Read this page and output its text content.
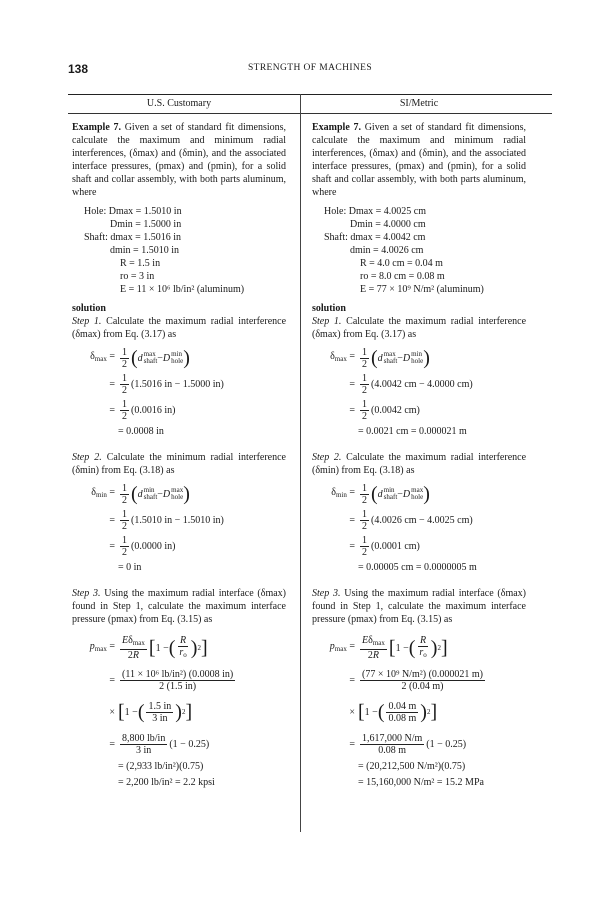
138	STRENGTH OF MACHINES
U.S. Customary	SI/Metric

Example 7. Given a set of standard fit dimensions, calculate the maximum and minimum radial interferences, (δmax) and (δmin), and the associated interface pressures, (pmax) and (pmin), for a solid shaft and collar assembly, with both parts aluminum, where

Hole: Dmax = 1.5010 in
Dmin = 1.5000 in
Shaft: dmax = 1.5016 in
dmin = 1.5010 in
R = 1.5 in
ro = 3 in
E = 11 × 10⁶ lb/in² (aluminum)
solution

Step 1. Calculate the maximum radial interference (δmax) from Eq. (3.17) as

$\delta_{max} = \frac{1}{2}$ ( d max
shaft − D min
hole )
= $\frac{1}{2} (1.5016$ in − 1.5000 in)
= $\frac{1}{2} (0.0016$ in)
= 0.0008 in

Step 2. Calculate the minimum radial interference (δmin) from Eq. (3.18) as

$\delta_{min} = \frac{1}{2}$ ( d min
shaft − D max
hole )
= $\frac{1}{2} (1.5010$ in − 1.5010 in)
= $\frac{1}{2} (0.0000$ in)
= 0 in

Step 3. Using the maximum radial interface (δmax) found in Step 1, calculate the maximum interface pressure (pmax) from Eq. (3.15) as

$p_{max} = \frac{E\delta_{max}}{2R}$ [ 1 − ( $\frac{R}{r_o}$ ) 2 ]
= $\frac{\text{(11 × 10⁶ lb/in²) (0.0008 in)}}{2 (1.5 in)}$
× [ 1 − ( $\frac{1.5 in}{3 in}$ ) 2 ]
= $\frac{8,800 lb/in}{3 in} (1 - 0.25)$
= (2,933 lb/in²)(0.75)
= 2,200 lb/in² = 2.2 kpsi

Example 7. Given a set of standard fit dimensions, calculate the maximum and minimum radial interferences, (δmax) and (δmin), and the associated interface pressures, (pmax) and (pmin), for a solid shaft and collar assembly, with both parts aluminum, where

Hole: Dmax = 4.0025 cm
Dmin = 4.0000 cm
Shaft: dmax = 4.0042 cm
dmin = 4.0026 cm
R = 4.0 cm = 0.04 m
ro = 8.0 cm = 0.08 m
E = 77 × 10⁹ N/m² (aluminum)
solution

Step 1. Calculate the maximum radial interference (δmax) from Eq. (3.17) as

$\delta_{max} = \frac{1}{2}$ ( d max
shaft − D min
hole )
= $\frac{1}{2} (4.0042$ cm − 4.0000 cm)
= $\frac{1}{2} (0.0042$ cm)
= 0.0021 cm = 0.000021 m

Step 2. Calculate the maximum radial interference (δmin) from Eq. (3.18) as

$\delta_{min} = \frac{1}{2}$ ( d min
shaft − D max
hole )
= $\frac{1}{2} (4.0026$ cm − 4.0025 cm)
= $\frac{1}{2} (0.0001$ cm)
= 0.00005 cm = 0.0000005 m

Step 3. Using the maximum radial interface (δmax) found in Step 1, calculate the maximum interface pressure (pmax) from Eq. (3.15) as

$p_{max} = \frac{E\delta_{max}}{2R}$ [ 1 − ( $\frac{R}{r_o}$ ) 2 ]
= $\frac{\text{(77 × 10⁹ N/m²) (0.000021 m)}}{2 (0.04 m)}$
× [ 1 − ( $\frac{0.04 m}{0.08 m}$ ) 2 ]
= $\frac{1,617,000 N/m}{0.08 m} (1 - 0.25)$
= (20,212,500 N/m²)(0.75)
= 15,160,000 N/m² = 15.2 MPa
